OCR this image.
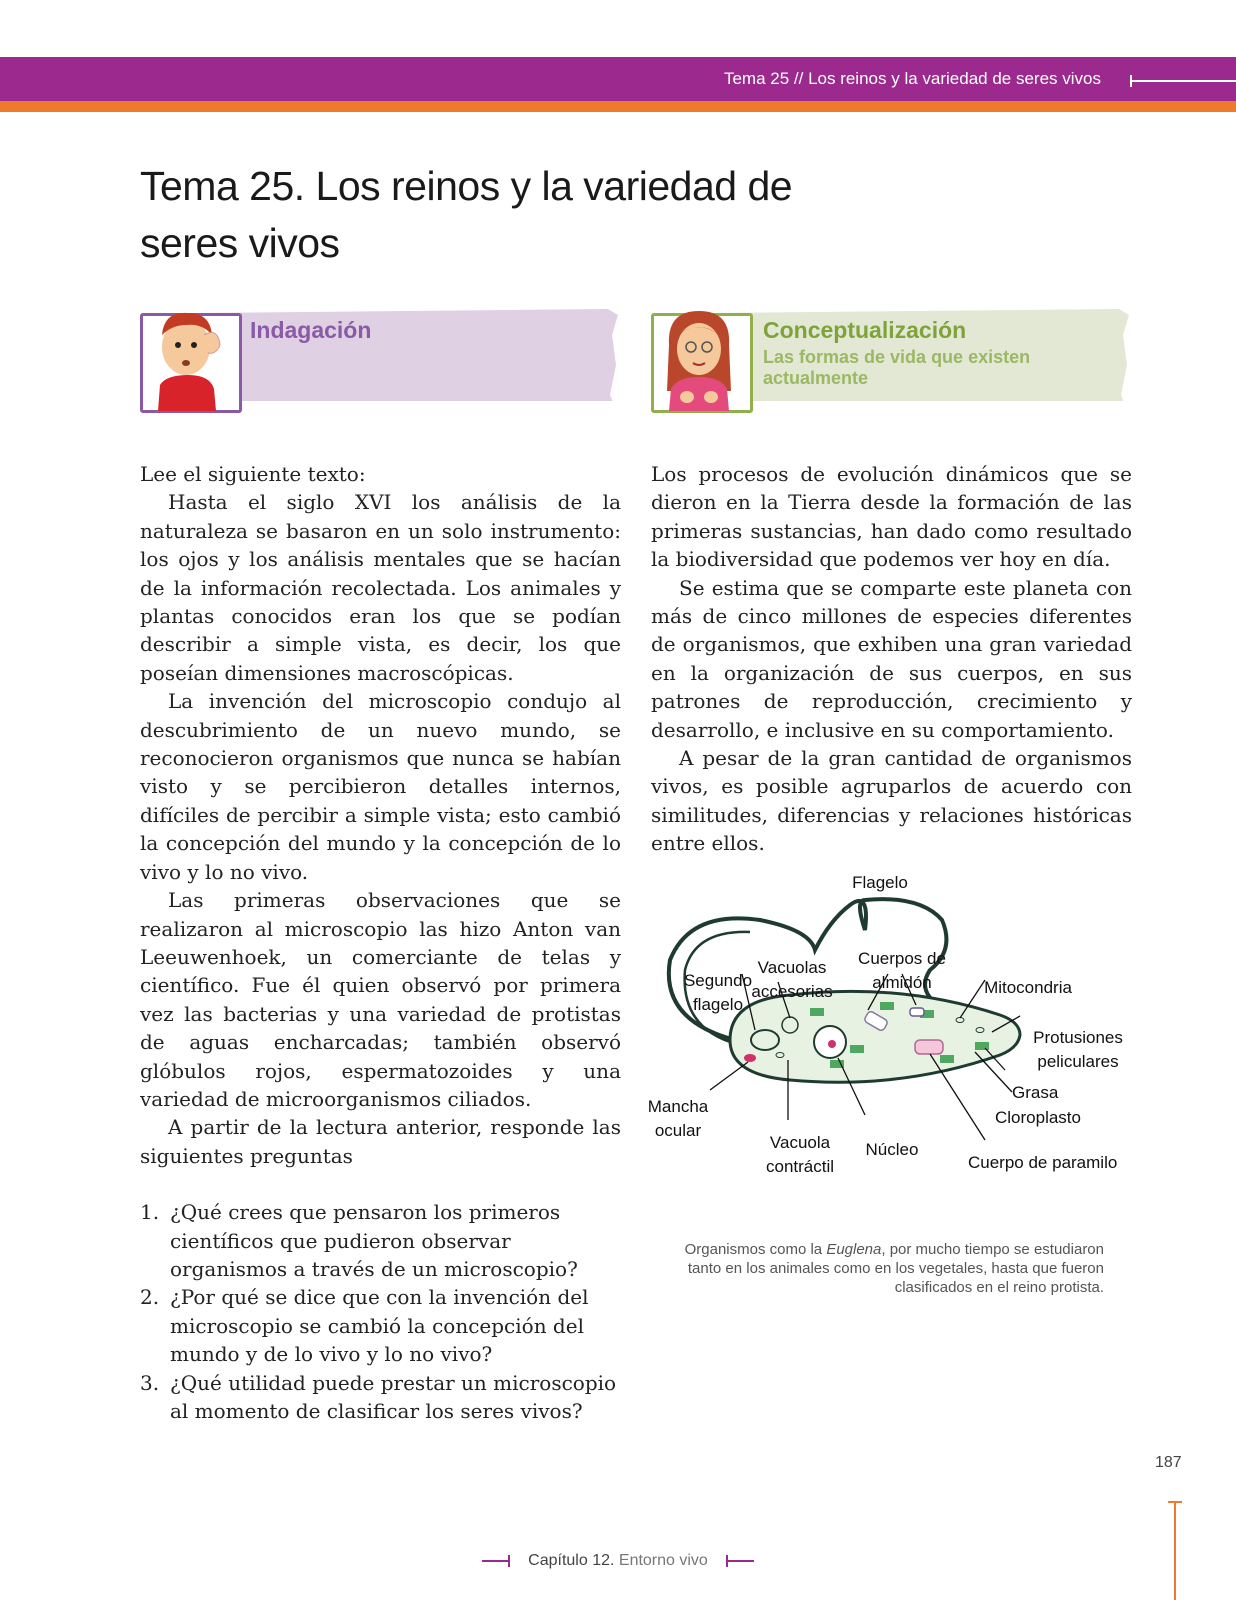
Tema 25 // Los reinos y la variedad de seres vivos
Tema 25. Los reinos y la variedad de seres vivos
Indagación	Conceptualización
Las formas de vida que existen actualmente

Lee el siguiente texto:

Hasta el siglo XVI los análisis de la naturaleza se basaron en un solo instrumento: los ojos y los análisis mentales que se hacían de la información recolectada. Los animales y plantas conocidos eran los que se podían describir a simple vista, es decir, los que poseían dimensiones macroscópicas.

La invención del microscopio condujo al descubrimiento de un nuevo mundo, se reconocieron organismos que nunca se habían visto y se percibieron detalles internos, difíciles de percibir a simple vista; esto cambió la concepción del mundo y la concepción de lo vivo y lo no vivo.

Las primeras observaciones que se realizaron al microscopio las hizo Anton van Leeuwenhoek, un comerciante de telas y científico. Fue él quien observó por primera vez las bacterias y una variedad de protistas de aguas encharcadas; también observó glóbulos rojos, espermatozoides y una variedad de microorganismos ciliados.

A partir de la lectura anterior, responde las siguientes preguntas

1. ¿Qué crees que pensaron los primeros científicos que pudieron observar organismos a través de un microscopio?
2. ¿Por qué se dice que con la invención del microscopio se cambió la concepción del mundo y de lo vivo y lo no vivo?
3. ¿Qué utilidad puede prestar un microscopio al momento de clasificar los seres vivos?

Los procesos de evolución dinámicos que se dieron en la Tierra desde la formación de las primeras sustancias, han dado como resultado la biodiversidad que podemos ver hoy en día.

Se estima que se comparte este planeta con más de cinco millones de especies diferentes de organismos, que exhiben una gran variedad en la organización de sus cuerpos, en sus patrones de reproducción, crecimiento y desarrollo, e inclusive en su comportamiento.

A pesar de la gran cantidad de organismos vivos, es posible agruparlos de acuerdo con similitudes, diferencias y relaciones históricas entre ellos.

Flagelo
Segundo
flagelo
Vacuolas
accesorias
Cuerpos de
almidón	Mitocondria
Protusiones
peliculares
Grasa
Cloroplasto
Mancha
ocular
Vacuola
contráctil
Núcleo
Cuerpo de paramilo
Organismos como la Euglena, por mucho tiempo se estudiaron tanto en los animales como en los vegetales, hasta que fueron clasificados en el reino protista.
187
Capítulo 12. Entorno vivo
